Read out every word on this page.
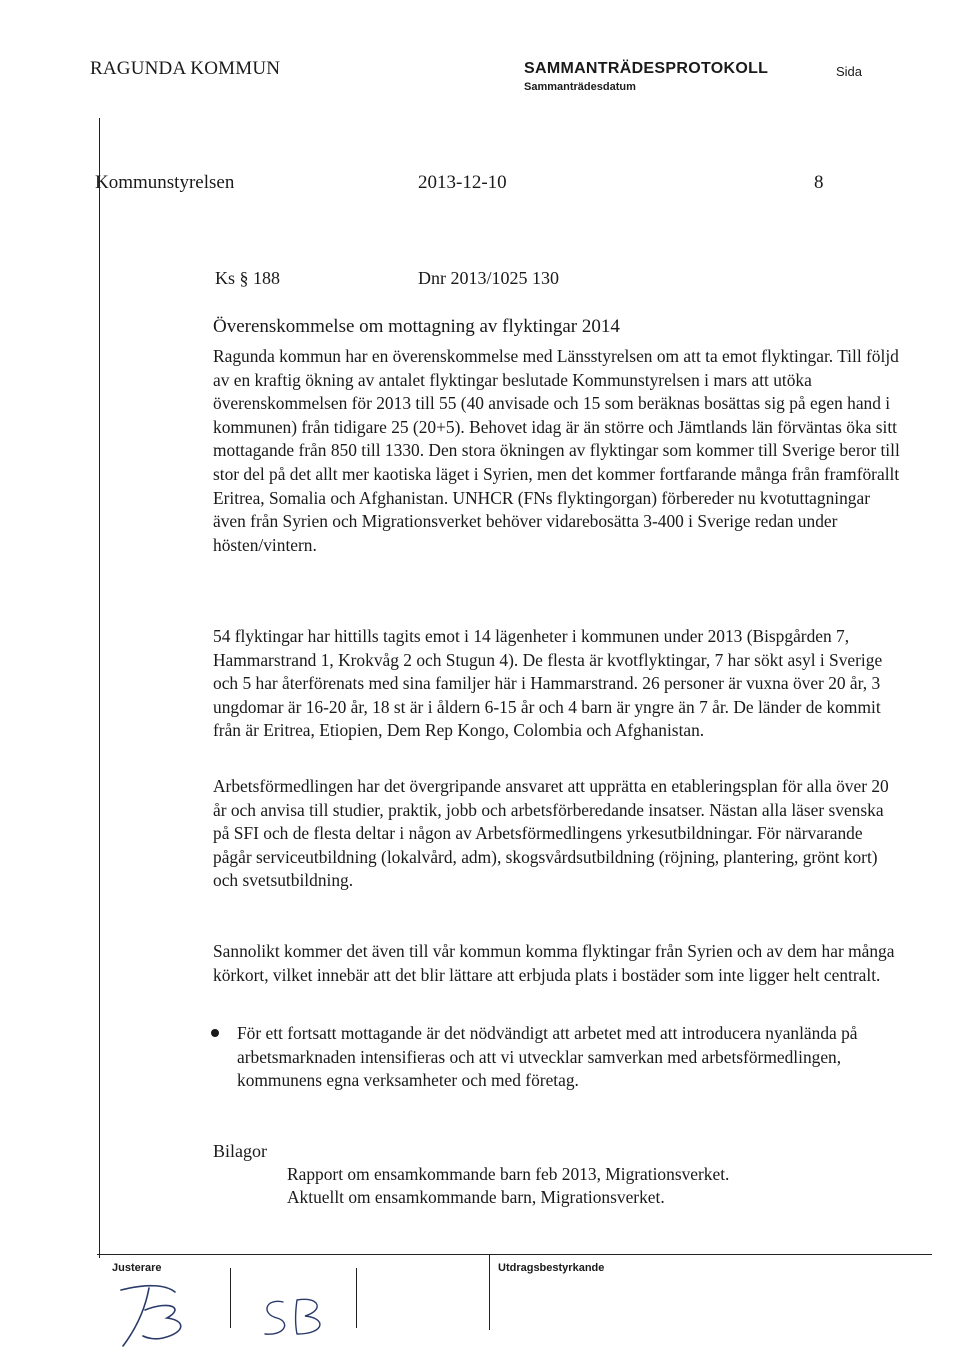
RAGUNDA KOMMUN	SAMMANTRÄDESPROTOKOLL
Sammanträdesdatum
Sida
Kommunstyrelsen	2013-12-10	8
Ks § 188	Dnr 2013/1025 130
Överenskommelse om mottagning av flyktingar 2014

Ragunda kommun har en överenskommelse med Länsstyrelsen om att ta emot flyktingar. Till följd av en kraftig ökning av antalet flyktingar beslutade Kommunstyrelsen i mars att utöka överenskommelsen för 2013 till 55 (40 anvisade och 15 som beräknas bosättas sig på egen hand i kommunen) från tidigare 25 (20+5). Behovet idag är än större och Jämtlands län förväntas öka sitt mottagande från 850 till 1330. Den stora ökningen av flyktingar som kommer till Sverige beror till stor del på det allt mer kaotiska läget i Syrien, men det kommer fortfarande många från framförallt Eritrea, Somalia och Afghanistan. UNHCR (FNs flyktingorgan) förbereder nu kvotuttagningar även från Syrien och Migrationsverket behöver vidarebosätta 3-400 i Sverige redan under hösten/vintern.

54 flyktingar har hittills tagits emot i 14 lägenheter i kommunen under 2013 (Bispgården 7, Hammarstrand 1, Krokvåg 2 och Stugun 4). De flesta är kvotflyktingar, 7 har sökt asyl i Sverige och 5 har återförenats med sina familjer här i Hammarstrand. 26 personer är vuxna över 20 år, 3 ungdomar är 16-20 år, 18 st är i åldern 6-15 år och 4 barn är yngre än 7 år. De länder de kommit från är Eritrea, Etiopien, Dem Rep Kongo, Colombia och Afghanistan.

Arbetsförmedlingen har det övergripande ansvaret att upprätta en etableringsplan för alla över 20 år och anvisa till studier, praktik, jobb och arbetsförberedande insatser. Nästan alla läser svenska på SFI och de flesta deltar i någon av Arbetsförmedlingens yrkesutbildningar. För närvarande pågår serviceutbildning (lokalvård, adm), skogsvårdsutbildning (röjning, plantering, grönt kort) och svetsutbildning.

Sannolikt kommer det även till vår kommun komma flyktingar från Syrien och av dem har många körkort, vilket innebär att det blir lättare att erbjuda plats i bostäder som inte ligger helt centralt.

För ett fortsatt mottagande är det nödvändigt att arbetet med att introducera nyanlända på arbetsmarknaden intensifieras och att vi utvecklar samverkan med arbetsförmedlingen, kommunens egna verksamheter och med företag.
Bilagor
Rapport om ensamkommande barn feb 2013, Migrationsverket.
Aktuellt om ensamkommande barn, Migrationsverket.
Justerare	Utdragsbestyrkande
